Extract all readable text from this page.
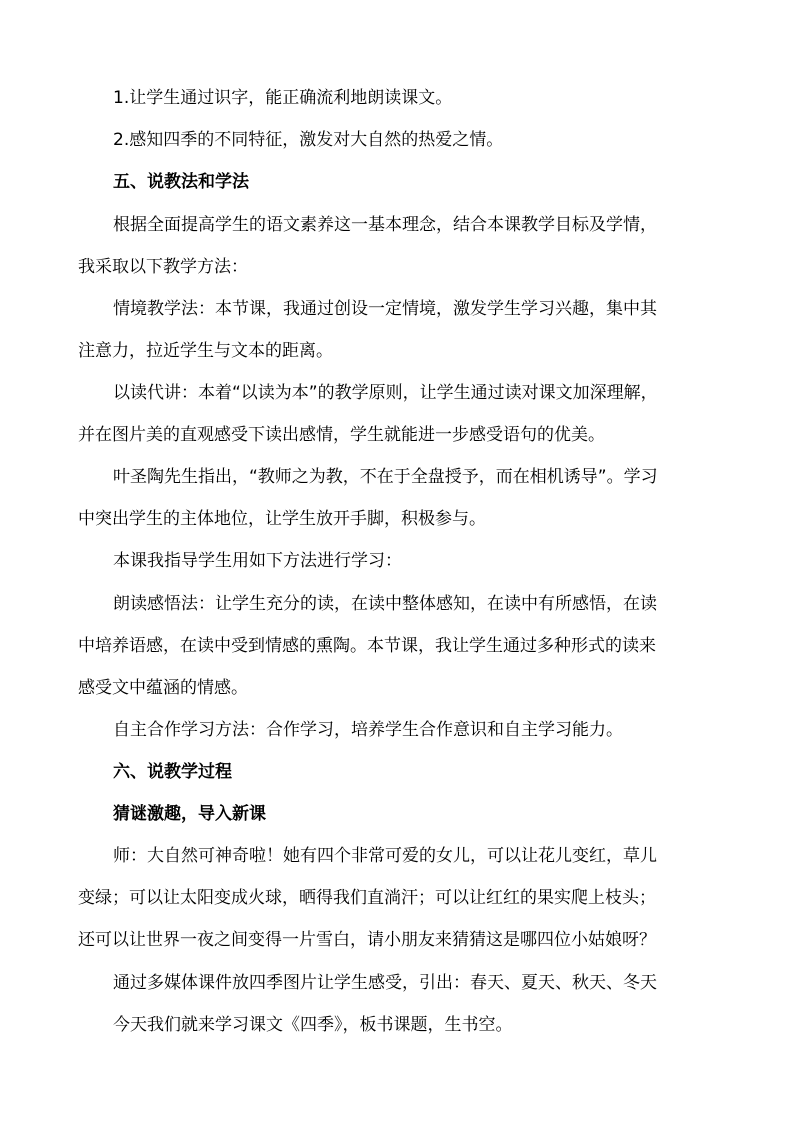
1.让学生通过识字，能正确流利地朗读课文。
2.感知四季的不同特征，激发对大自然的热爱之情。
五、说教法和学法
根据全面提高学生的语文素养这一基本理念，结合本课教学目标及学情，
我采取以下教学方法：
情境教学法：本节课，我通过创设一定情境，激发学生学习兴趣，集中其
注意力，拉近学生与文本的距离。
以读代讲：本着“以读为本”的教学原则，让学生通过读对课文加深理解，
并在图片美的直观感受下读出感情，学生就能进一步感受语句的优美。
叶圣陶先生指出，“教师之为教，不在于全盘授予，而在相机诱导”。学习
中突出学生的主体地位，让学生放开手脚，积极参与。
本课我指导学生用如下方法进行学习：
朗读感悟法：让学生充分的读，在读中整体感知，在读中有所感悟，在读
中培养语感，在读中受到情感的熏陶。本节课，我让学生通过多种形式的读来
感受文中蕴涵的情感。
自主合作学习方法：合作学习，培养学生合作意识和自主学习能力。
六、说教学过程
猜谜激趣，导入新课
师：大自然可神奇啦！她有四个非常可爱的女儿，可以让花儿变红，草儿
变绿；可以让太阳变成火球，晒得我们直淌汗；可以让红红的果实爬上枝头；
还可以让世界一夜之间变得一片雪白，请小朋友来猜猜这是哪四位小姑娘呀？
通过多媒体课件放四季图片让学生感受，引出：春天、夏天、秋天、冬天
今天我们就来学习课文《四季》，板书课题，生书空。
